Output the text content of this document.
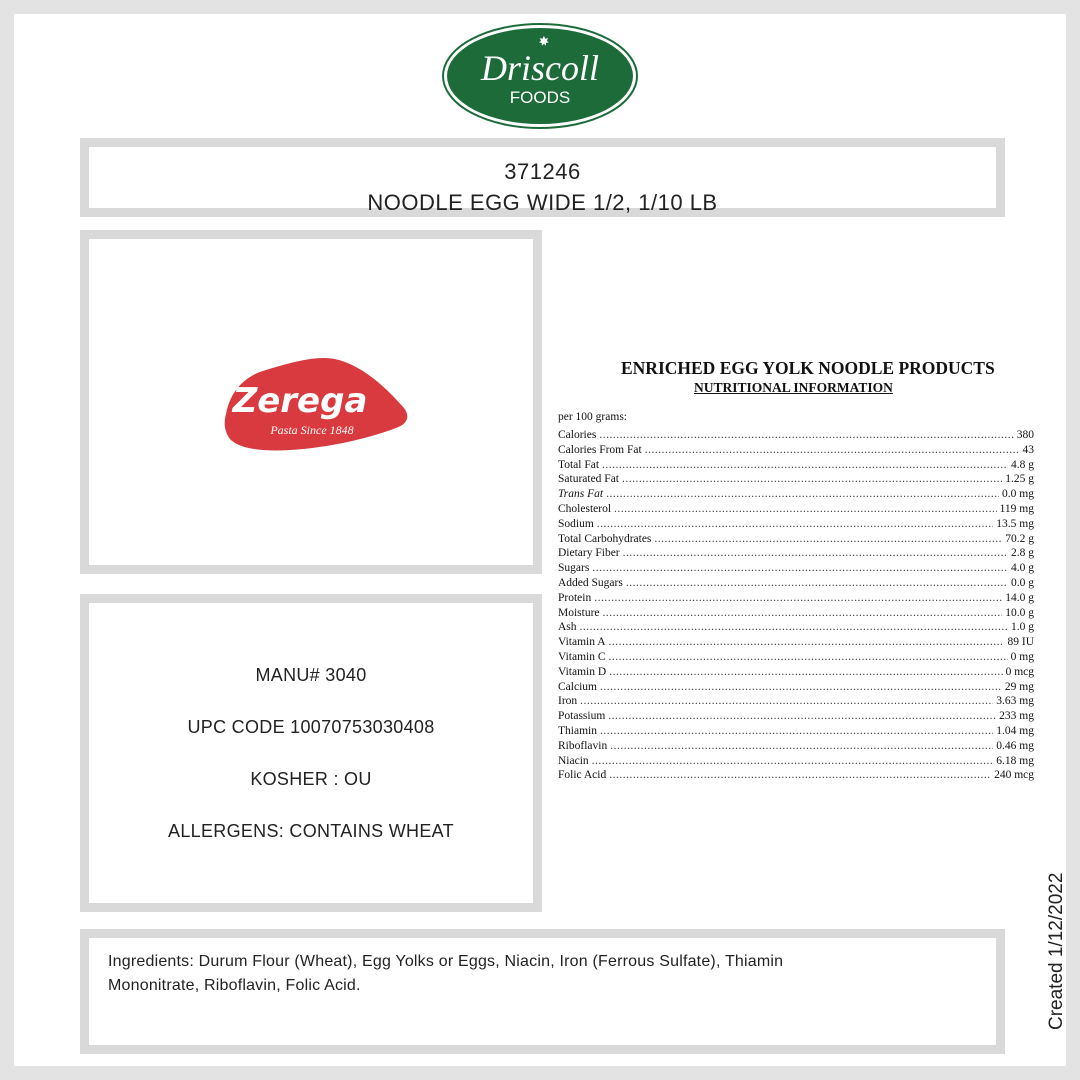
Driscoll
FOODS
371246
NOODLE EGG WIDE 1/2, 1/10 LB
Zerega
Pasta Since 1848
MANU# 3040
UPC CODE 10070753030408
KOSHER : OU
ALLERGENS: CONTAINS WHEAT
ENRICHED EGG YOLK NOODLE PRODUCTS
NUTRITIONAL INFORMATION
per 100 grams:
Calories .....	380
Calories From Fat .....	43
Total Fat .....	4.8 g
Saturated Fat .....	1.25 g
Trans Fat .....	0.0 mg
Cholesterol .....	119 mg
Sodium .....	13.5 mg
Total Carbohydrates .....	70.2 g
Dietary Fiber .....	2.8 g
Sugars .....	4.0 g
Added Sugars .....	0.0 g
Protein .....	14.0 g
Moisture .....	10.0 g
Ash .....	1.0 g
Vitamin A .....	89 IU
Vitamin C .....	0 mg
Vitamin D .....	0 mcg
Calcium .....	29 mg
Iron .....	3.63 mg
Potassium .....	233 mg
Thiamin .....	1.04 mg
Riboflavin .....	0.46 mg
Niacin .....	6.18 mg
Folic Acid .....	240 mcg
Ingredients: Durum Flour (Wheat), Egg Yolks or Eggs, Niacin, Iron (Ferrous Sulfate), Thiamin Mononitrate, Riboflavin, Folic Acid.	Created 1/12/2022
